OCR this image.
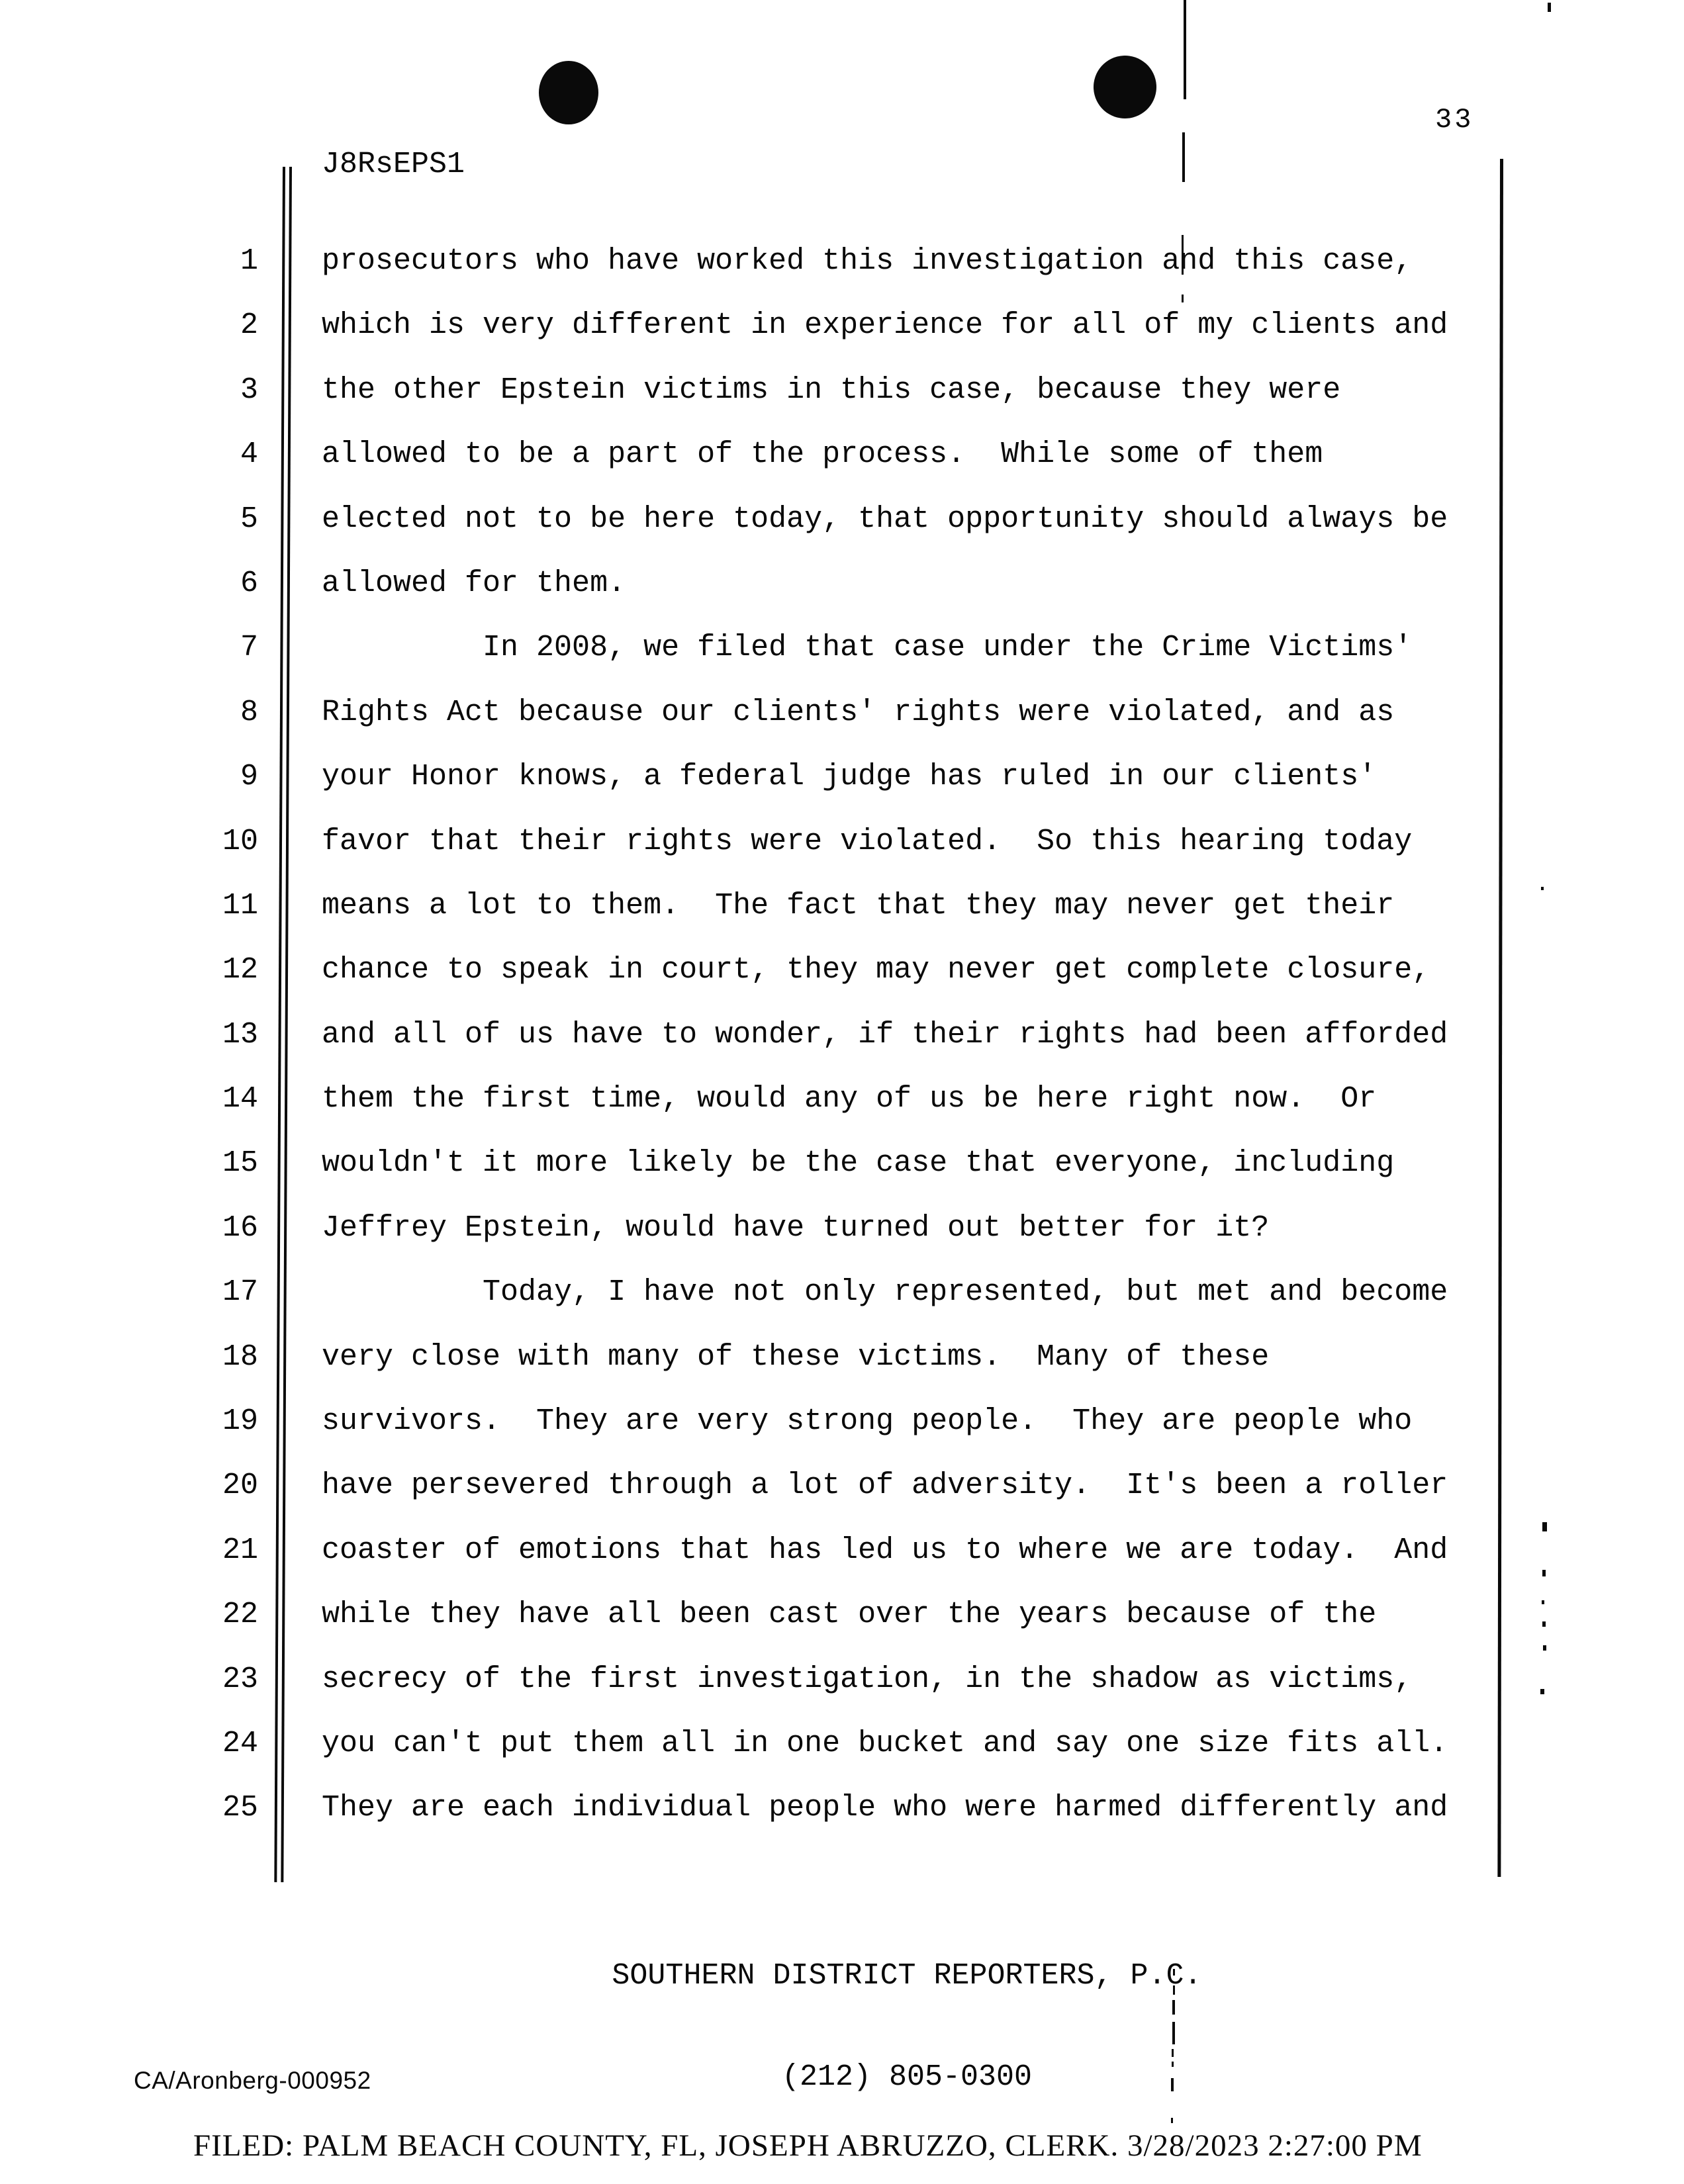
33
J8RsEPS1
1 prosecutors who have worked this investigation and this case,
2 which is very different in experience for all of my clients and
3 the other Epstein victims in this case, because they were
4 allowed to be a part of the process.  While some of them
5 elected not to be here today, that opportunity should always be
6 allowed for them.
7 In 2008, we filed that case under the Crime Victims'
8 Rights Act because our clients' rights were violated, and as
9 your Honor knows, a federal judge has ruled in our clients'
10 favor that their rights were violated.  So this hearing today
11 means a lot to them.  The fact that they may never get their
12 chance to speak in court, they may never get complete closure,
13 and all of us have to wonder, if their rights had been afforded
14 them the first time, would any of us be here right now.  Or
15 wouldn't it more likely be the case that everyone, including
16 Jeffrey Epstein, would have turned out better for it?
17 Today, I have not only represented, but met and become
18 very close with many of these victims.  Many of these
19 survivors.  They are very strong people.  They are people who
20 have persevered through a lot of adversity.  It's been a roller
21 coaster of emotions that has led us to where we are today.  And
22 while they have all been cast over the years because of the
23 secrecy of the first investigation, in the shadow as victims,
24 you can't put them all in one bucket and say one size fits all.
25 They are each individual people who were harmed differently and

SOUTHERN DISTRICT REPORTERS, P.C.

(212) 805-0300

CA/Aronberg-000952
FILED: PALM BEACH COUNTY, FL, JOSEPH ABRUZZO, CLERK. 3/28/2023 2:27:00 PM
